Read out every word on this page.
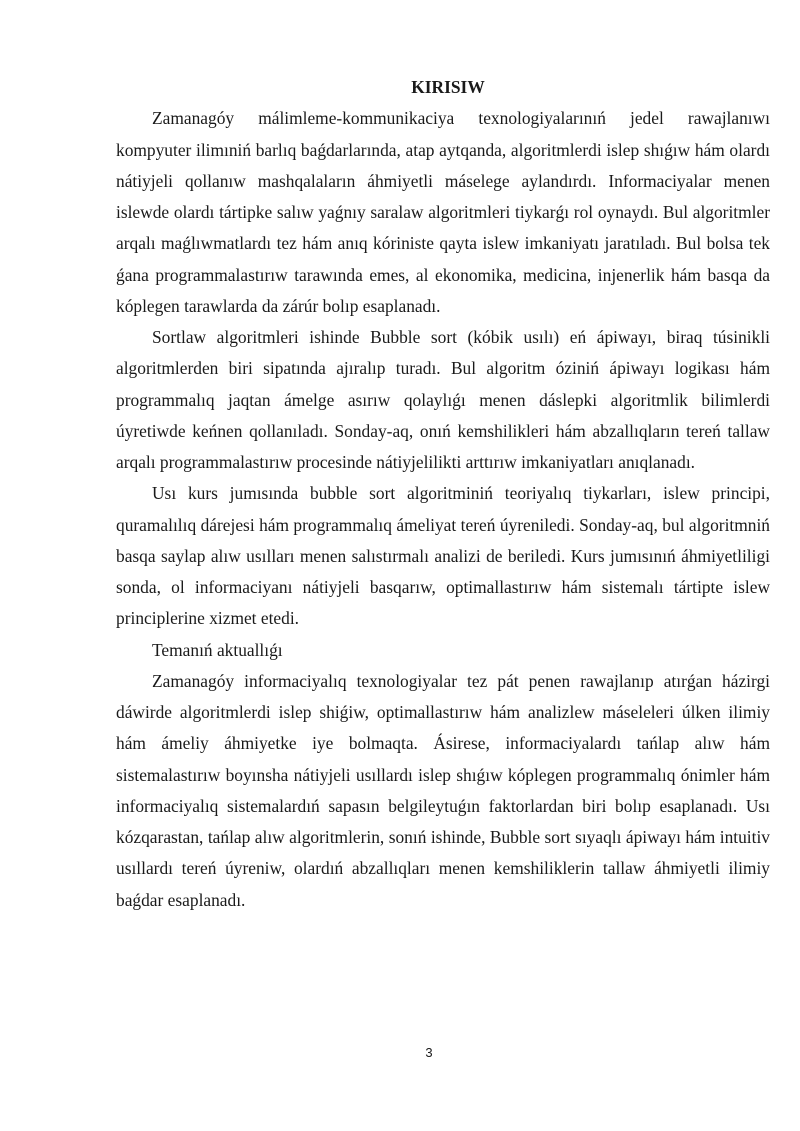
KIRISIW

Zamanagóy málimleme-kommunikaciya texnologiyalarınıń jedel rawajlanıwı kompyuter ilimıniń barlıq baǵdarlarında, atap aytqanda, algoritmlerdi islep shıǵıw hám olardı nátiyjeli qollanıw mashqalaların áhmiyetli máselege aylandırdı. Informaciyalar menen islewde olardı tártipke salıw yaǵnıy saralaw algoritmleri tiykarǵı rol oynaydı. Bul algoritmler arqalı maǵlıwmatlardı tez hám anıq kóriniste qayta islew imkaniyatı jaratıladı. Bul bolsa tek ǵana programmalastırıw tarawında emes, al ekonomika, medicina, injenerlik hám basqa da kóplegen tarawlarda da zárúr bolıp esaplanadı.

Sortlaw algoritmleri ishinde Bubble sort (kóbik usılı) eń ápiwayı, biraq túsinikli algoritmlerden biri sipatında ajıralıp turadı. Bul algoritm óziniń ápiwayı logikası hám programmalıq jaqtan ámelge asırıw qolaylıǵı menen dáslepki algoritmlik bilimlerdi úyretiwde keńnen qollanıladı. Sonday-aq, onıń kemshilikleri hám abzallıqların tereń tallaw arqalı programmalastırıw procesinde nátiyjelilikti arttırıw imkaniyatları anıqlanadı.

Usı kurs jumısında bubble sort algoritminiń teoriyalıq tiykarları, islew principi, quramalılıq dárejesi hám programmalıq ámeliyat tereń úyreniledi. Sonday-aq, bul algoritmniń basqa saylap alıw usılları menen salıstırmalı analizi de beriledi. Kurs jumısınıń áhmiyetliligi sonda, ol informaciyanı nátiyjeli basqarıw, optimallastırıw hám sistemalı tártipte islew principlerine xizmet etedi.

Temanıń aktuallıǵı

Zamanagóy informaciyalıq texnologiyalar tez pát penen rawajlanıp atırǵan házirgi dáwirde algoritmlerdi islep shiǵiw, optimallastırıw hám analizlew máseleleri úlken ilimiy hám ámeliy áhmiyetke iye bolmaqta. Ásirese, informaciyalardı tańlap alıw hám sistemalastırıw boyınsha nátiyjeli usıllardı islep shıǵıw kóplegen programmalıq ónimler hám informaciyalıq sistemalardıń sapasın belgileytuǵın faktorlardan biri bolıp esaplanadı. Usı kózqarastan, tańlap alıw algoritmlerin, sonıń ishinde, Bubble sort sıyaqlı ápiwayı hám intuitiv usıllardı tereń úyreniw, olardıń abzallıqları menen kemshiliklerin tallaw áhmiyetli ilimiy baǵdar esaplanadı.

3
